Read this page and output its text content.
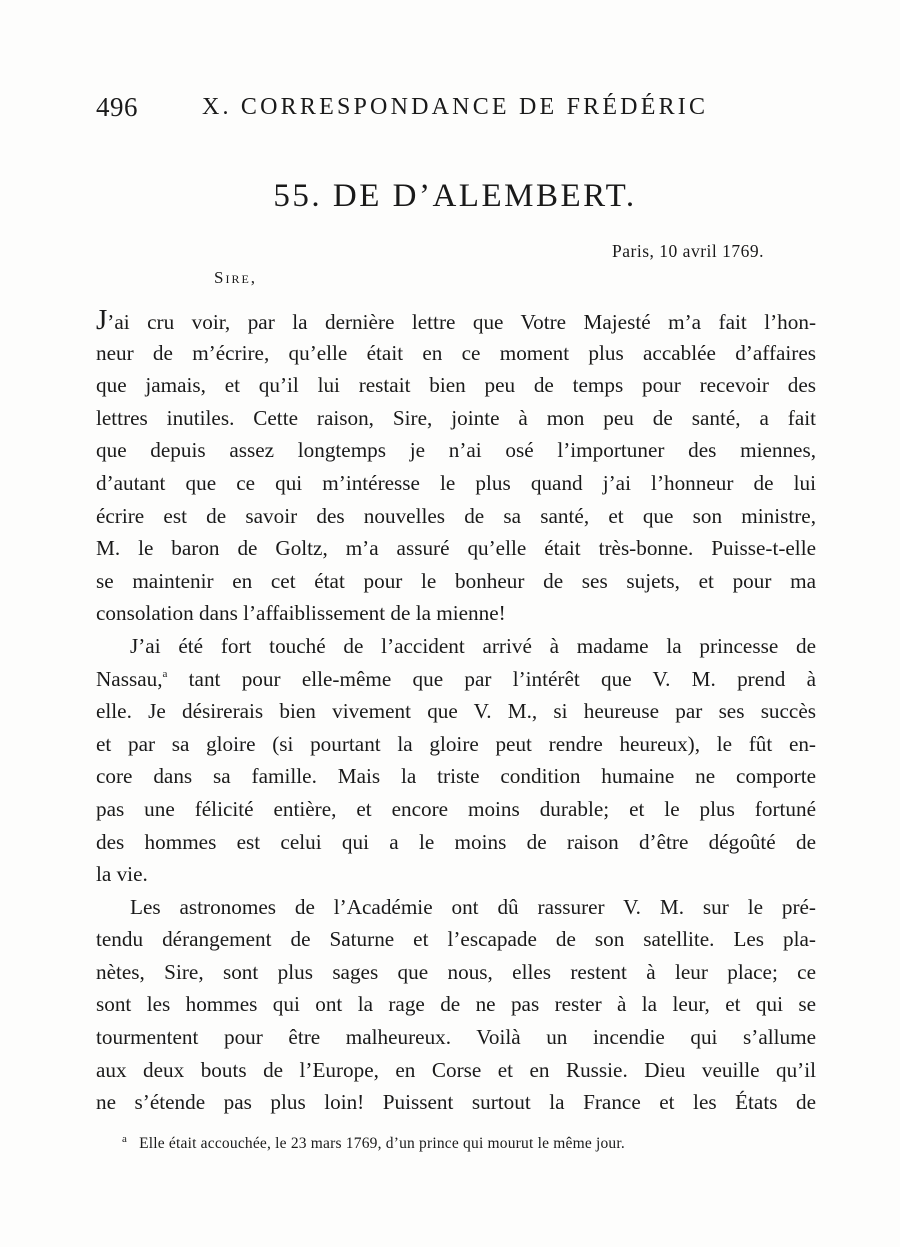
496	X. CORRESPONDANCE DE FRÉDÉRIC
55. DE D’ALEMBERT.
Paris, 10 avril 1769.
Sire,
J’ai cru voir, par la dernière lettre que Votre Majesté m’a fait l’hon-
neur de m’écrire, qu’elle était en ce moment plus accablée d’affaires
que jamais, et qu’il lui restait bien peu de temps pour recevoir des
lettres inutiles. Cette raison, Sire, jointe à mon peu de santé, a fait
que depuis assez longtemps je n’ai osé l’importuner des miennes,
d’autant que ce qui m’intéresse le plus quand j’ai l’honneur de lui
écrire est de savoir des nouvelles de sa santé, et que son ministre,
M. le baron de Goltz, m’a assuré qu’elle était très-bonne. Puisse-t-elle
se maintenir en cet état pour le bonheur de ses sujets, et pour ma
consolation dans l’affaiblissement de la mienne!
J’ai été fort touché de l’accident arrivé à madame la princesse de
Nassau,$^a$ tant pour elle-même que par l’intérêt que V. M. prend à
elle. Je désirerais bien vivement que V. M., si heureuse par ses succès
et par sa gloire (si pourtant la gloire peut rendre heureux), le fût en-
core dans sa famille. Mais la triste condition humaine ne comporte
pas une félicité entière, et encore moins durable; et le plus fortuné
des hommes est celui qui a le moins de raison d’être dégoûté de
la vie.
Les astronomes de l’Académie ont dû rassurer V. M. sur le pré-
tendu dérangement de Saturne et l’escapade de son satellite. Les pla-
nètes, Sire, sont plus sages que nous, elles restent à leur place; ce
sont les hommes qui ont la rage de ne pas rester à la leur, et qui se
tourmentent pour être malheureux. Voilà un incendie qui s’allume
aux deux bouts de l’Europe, en Corse et en Russie. Dieu veuille qu’il
ne s’étende pas plus loin! Puissent surtout la France et les États de
$^a$ Elle était accouchée, le 23 mars 1769, d’un prince qui mourut le même jour.
